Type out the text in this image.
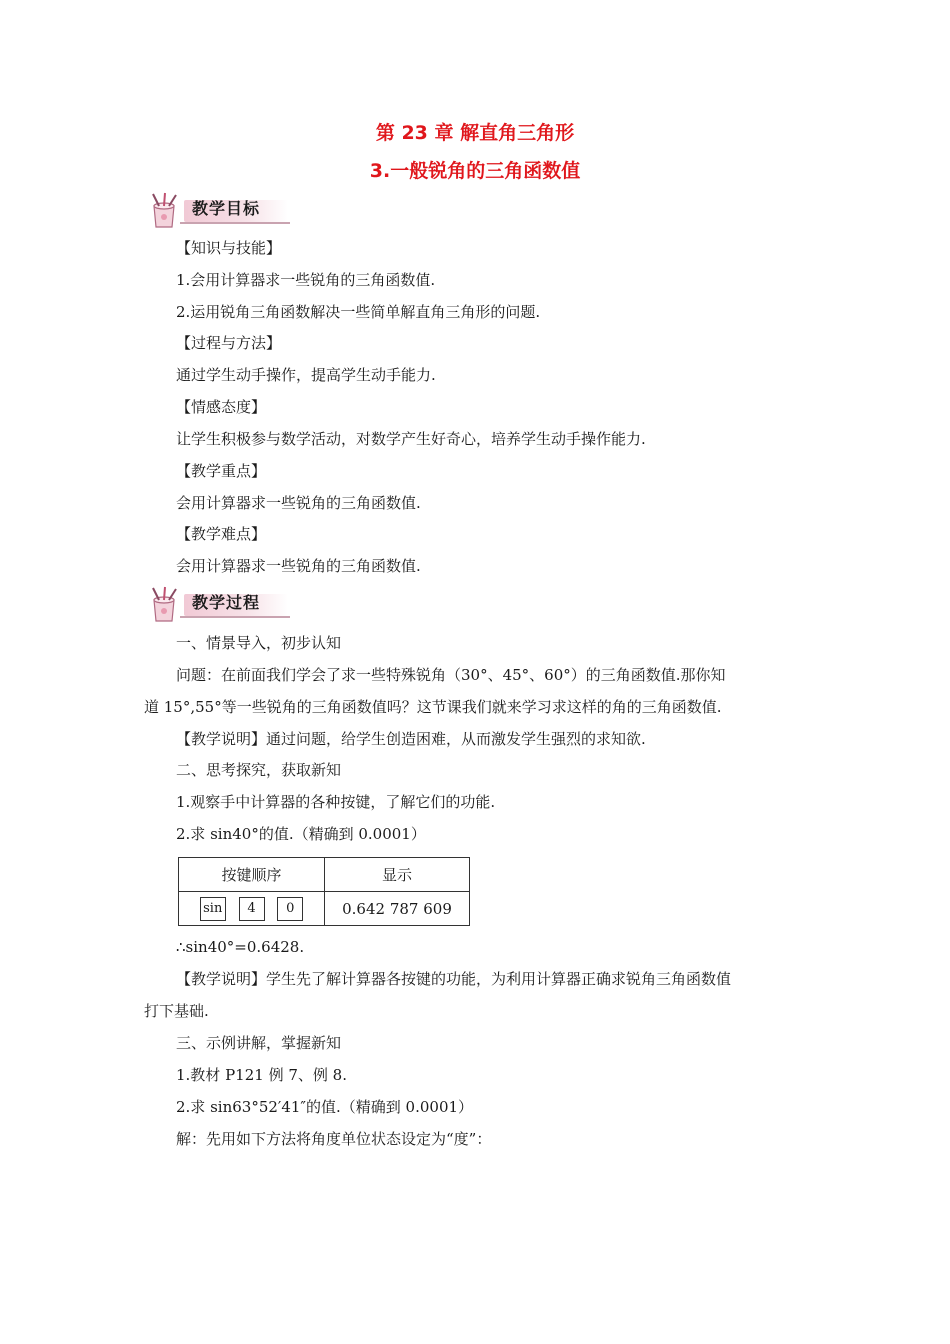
第 23 章 解直角三角形
3.一般锐角的三角函数值
教学目标
【知识与技能】
1.会用计算器求一些锐角的三角函数值.
2.运用锐角三角函数解决一些简单解直角三角形的问题.
【过程与方法】
通过学生动手操作，提高学生动手能力.
【情感态度】
让学生积极参与数学活动，对数学产生好奇心，培养学生动手操作能力.
【教学重点】
会用计算器求一些锐角的三角函数值.
【教学难点】
会用计算器求一些锐角的三角函数值.
教学过程
一、情景导入，初步认知
问题：在前面我们学会了求一些特殊锐角（30°、45°、60°）的三角函数值.那你知
道 15°,55°等一些锐角的三角函数值吗？这节课我们就来学习求这样的角的三角函数值.
【教学说明】通过问题，给学生创造困难，从而激发学生强烈的求知欲.
二、思考探究，获取新知
1.观察手中计算器的各种按键，了解它们的功能.
2.求 sin40°的值.（精确到 0.0001）
按键顺序	显示
sin 4 0	0.642 787 609
∴sin40°=0.6428.
【教学说明】学生先了解计算器各按键的功能，为利用计算器正确求锐角三角函数值
打下基础.
三、示例讲解，掌握新知
1.教材 P121 例 7、例 8.
2.求 sin63°52′41″的值.（精确到 0.0001）
解：先用如下方法将角度单位状态设定为“度”：
